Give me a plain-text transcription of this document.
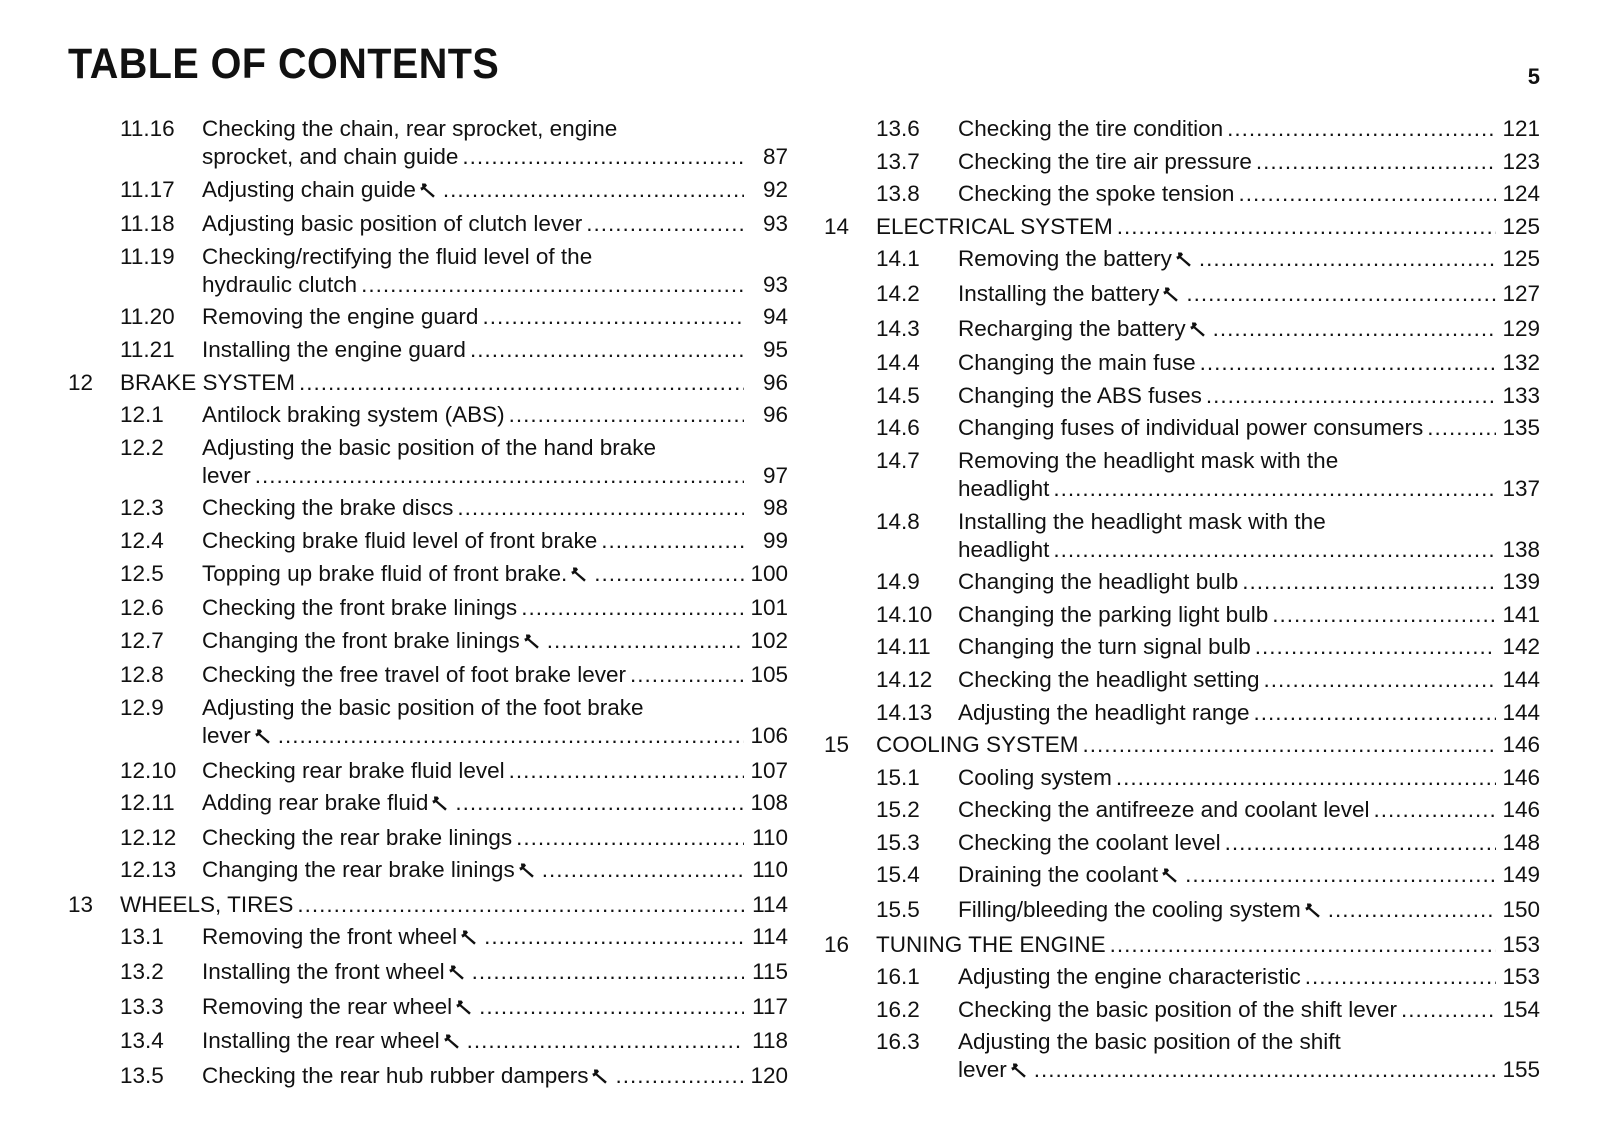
TABLE OF CONTENTS	5
11.16	Checking the chain, rear sprocket, engine
sprocket, and chain guide .....	87
11.17	Adjusting chain guide .....	92
11.18	Adjusting basic position of clutch lever .....	93
11.19	Checking/rectifying the fluid level of the
hydraulic clutch .....	93
11.20	Removing the engine guard .....	94
11.21	Installing the engine guard .....	95
12	BRAKE SYSTEM .....	96
12.1	Antilock braking system (ABS) .....	96
12.2	Adjusting the basic position of the hand brake
lever .....	97
12.3	Checking the brake discs .....	98
12.4	Checking brake fluid level of front brake .....	99
12.5	Topping up brake fluid of front brake. .....	100
12.6	Checking the front brake linings .....	101
12.7	Changing the front brake linings .....	102
12.8	Checking the free travel of foot brake lever .....	105
12.9	Adjusting the basic position of the foot brake
lever .....	106
12.10	Checking rear brake fluid level .....	107
12.11	Adding rear brake fluid .....	108
12.12	Checking the rear brake linings .....	110
12.13	Changing the rear brake linings .....	110
13	WHEELS, TIRES .....	114
13.1	Removing the front wheel .....	114
13.2	Installing the front wheel .....	115
13.3	Removing the rear wheel .....	117
13.4	Installing the rear wheel .....	118
13.5	Checking the rear hub rubber dampers .....	120
13.6	Checking the tire condition .....	121
13.7	Checking the tire air pressure .....	123
13.8	Checking the spoke tension .....	124
14	ELECTRICAL SYSTEM .....	125
14.1	Removing the battery .....	125
14.2	Installing the battery .....	127
14.3	Recharging the battery .....	129
14.4	Changing the main fuse .....	132
14.5	Changing the ABS fuses .....	133
14.6	Changing fuses of individual power consumers .....	135
14.7	Removing the headlight mask with the
headlight .....	137
14.8	Installing the headlight mask with the
headlight .....	138
14.9	Changing the headlight bulb .....	139
14.10	Changing the parking light bulb .....	141
14.11	Changing the turn signal bulb .....	142
14.12	Checking the headlight setting .....	144
14.13	Adjusting the headlight range .....	144
15	COOLING SYSTEM .....	146
15.1	Cooling system .....	146
15.2	Checking the antifreeze and coolant level .....	146
15.3	Checking the coolant level .....	148
15.4	Draining the coolant .....	149
15.5	Filling/bleeding the cooling system .....	150
16	TUNING THE ENGINE .....	153
16.1	Adjusting the engine characteristic .....	153
16.2	Checking the basic position of the shift lever .....	154
16.3	Adjusting the basic position of the shift
lever .....	155
